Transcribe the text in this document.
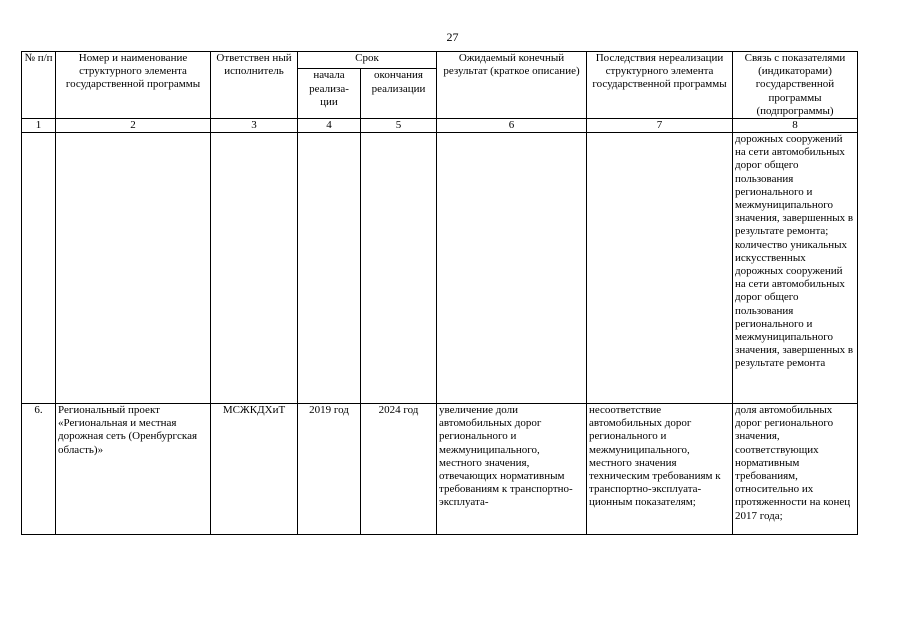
27
№ п/п	Номер и наименование структурного элемента государственной программы	Ответствен ный исполнитель	Срок		Ожидаемый конечный результат (краткое описание)	Последствия нереализации структурного элемента государственной программы	Связь с показателями (индикаторами) государственной программы (подпрограммы)
			начала реализа- ции	окончания реализации			
1	2	3	4	5	6	7	8
							дорожных сооружений на сети автомобильных дорог общего пользования регионального и межмуниципального значения, завершенных в результате ремонта; количество уникальных искусственных дорожных сооружений на сети автомобильных дорог общего пользования регионального и межмуниципального значения, завершенных в результате ремонта
6.	Региональный проект «Региональная и местная дорожная сеть (Оренбургская область)»	МСЖКДХиТ	2019 год	2024 год	увеличение доли автомобильных дорог регионального и межмуниципального, местного значения, отвечающих нормативным требованиям к транспортно-эксплуата-	несоответствие автомобильных дорог регионального и межмуниципального, местного значения техническим требованиям к транспортно-эксплуата-ционным показателям;	доля автомобильных дорог регионального значения, соответствующих нормативным требованиям, относительно их протяженности на конец 2017 года;
